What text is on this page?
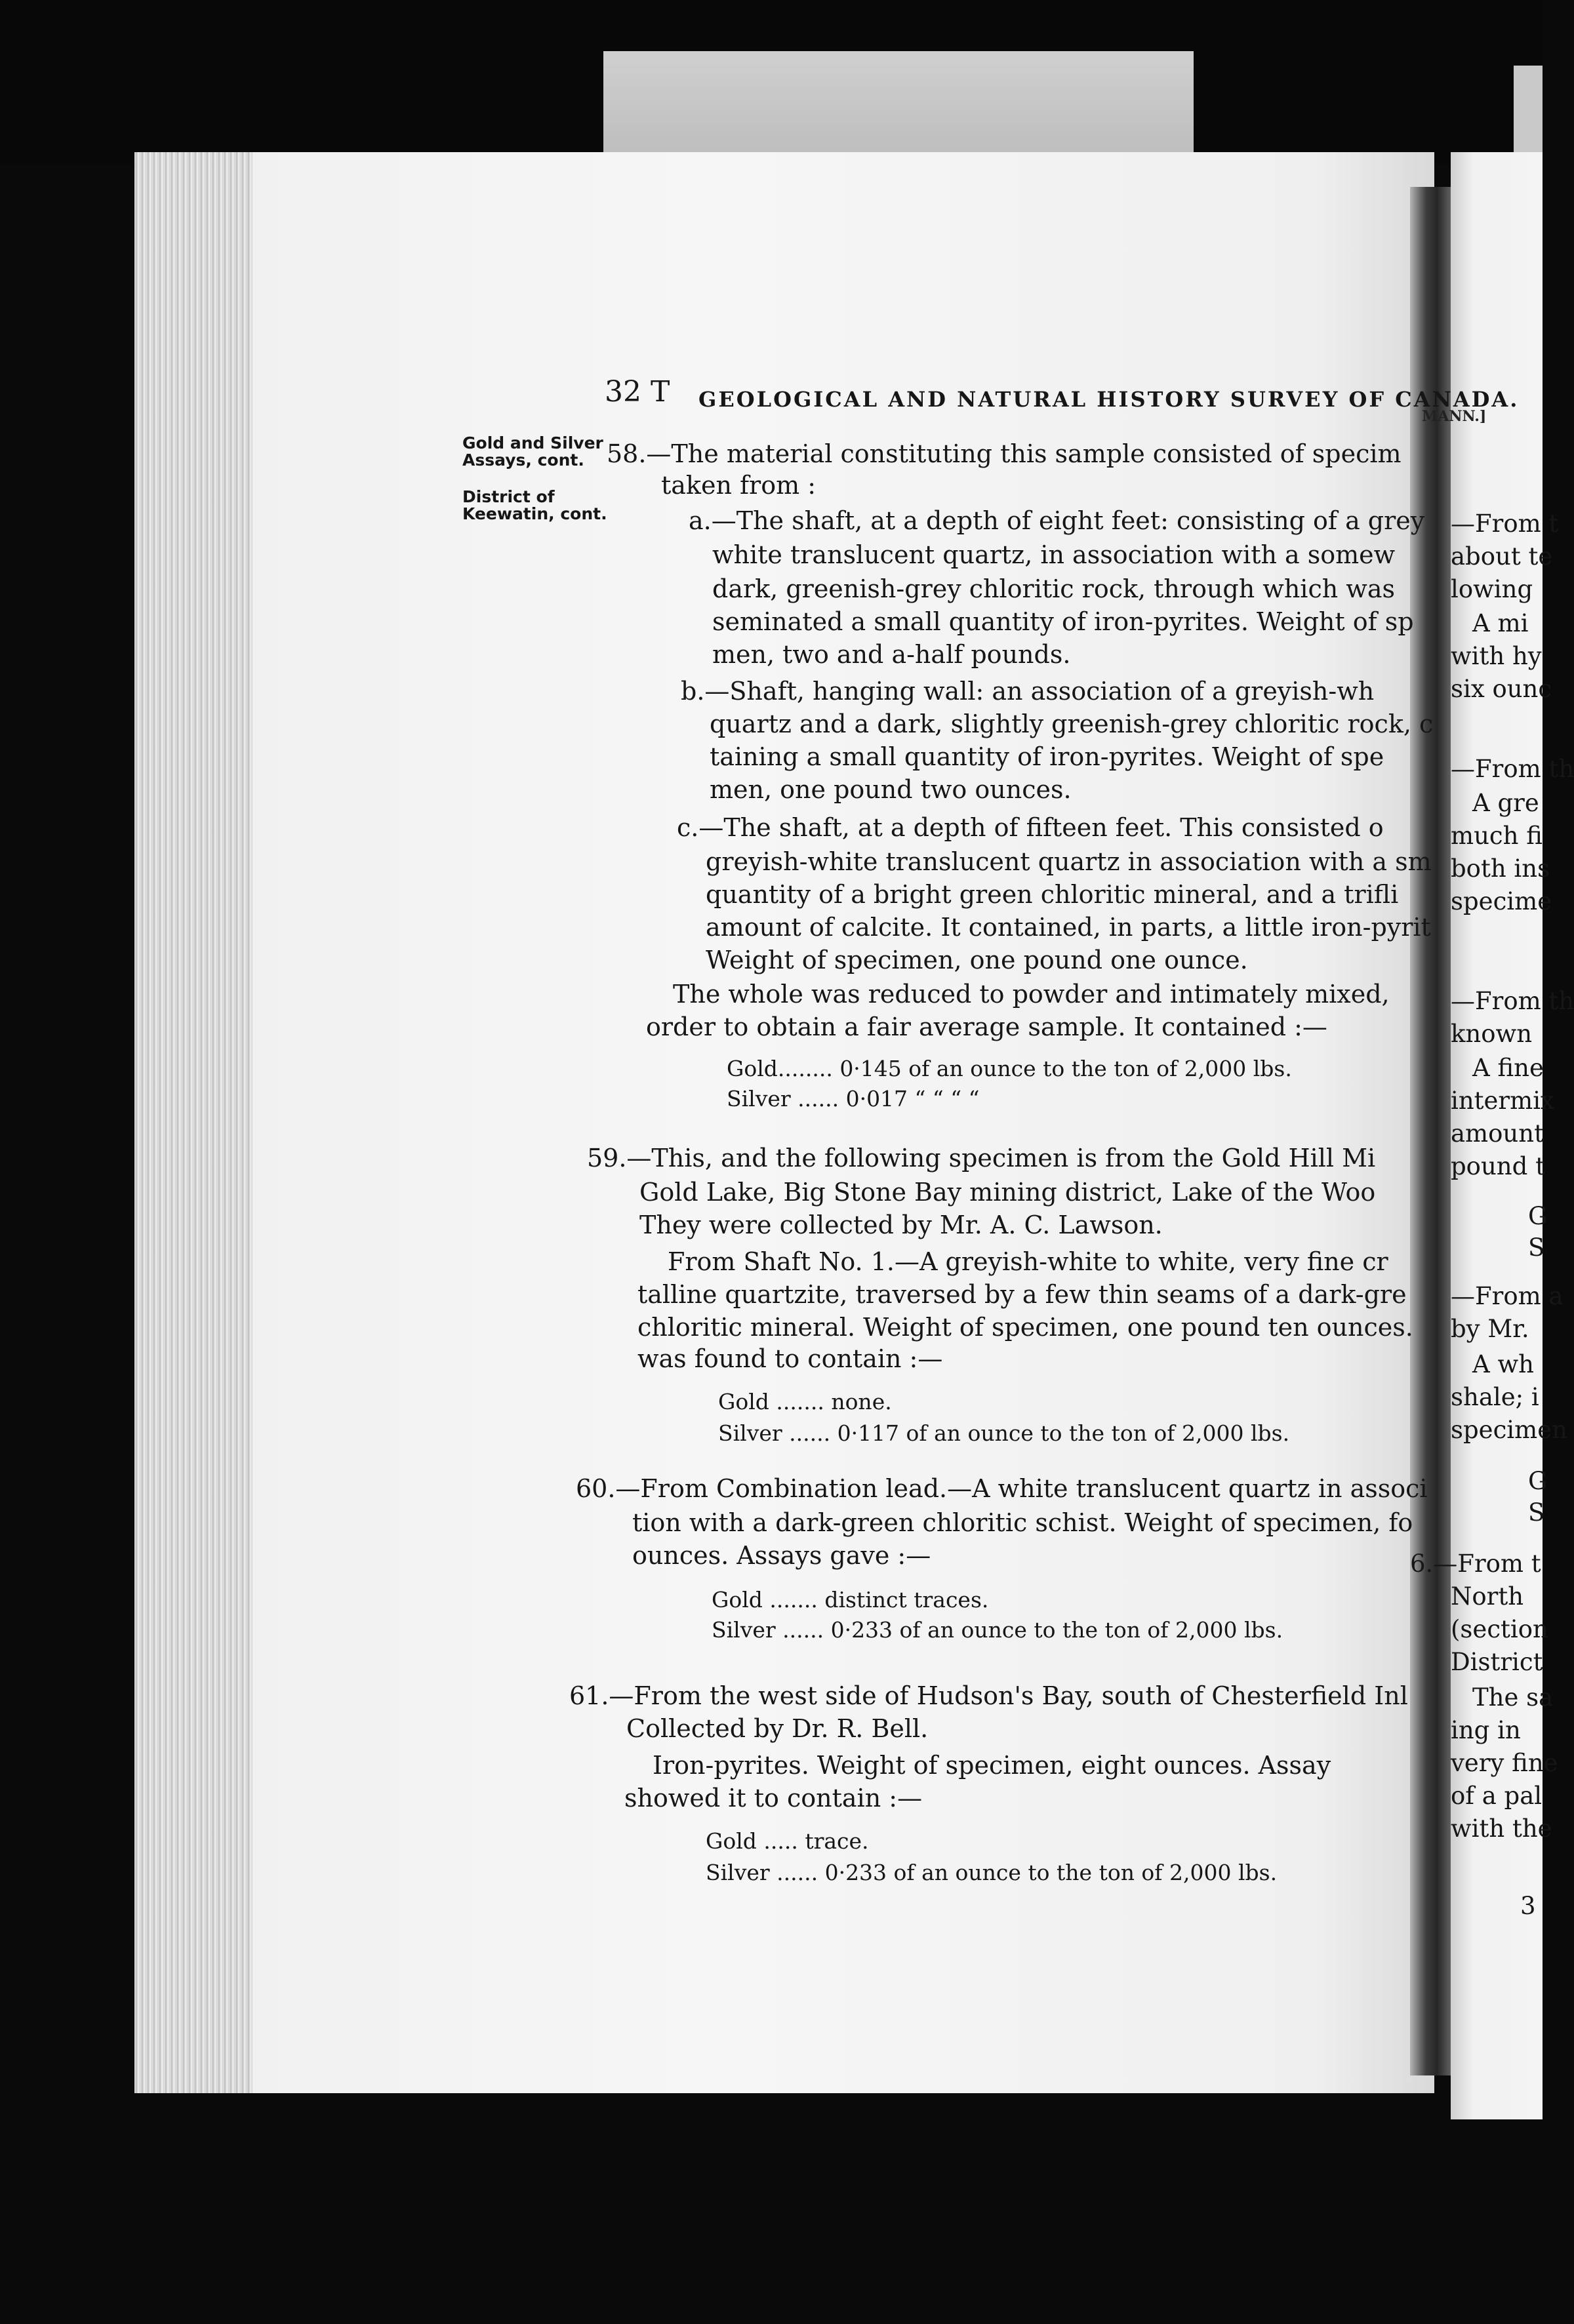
32 T GEOLOGICAL AND NATURAL HISTORY SURVEY OF CANADA.
MANN.]
Gold and Silver
Assays, cont.
District of
Keewatin, cont.
58.—The material constituting this sample consisted of specim
taken from :
a.—The shaft, at a depth of eight feet: consisting of a grey
white translucent quartz, in association with a somew
dark, greenish-grey chloritic rock, through which was
seminated a small quantity of iron-pyrites. Weight of sp
men, two and a-half pounds.
b.—Shaft, hanging wall: an association of a greyish-wh
quartz and a dark, slightly greenish-grey chloritic rock, c
taining a small quantity of iron-pyrites. Weight of spe
men, one pound two ounces.
c.—The shaft, at a depth of fifteen feet. This consisted o
greyish-white translucent quartz in association with a sm
quantity of a bright green chloritic mineral, and a trifli
amount of calcite. It contained, in parts, a little iron-pyrit
Weight of specimen, one pound one ounce.
The whole was reduced to powder and intimately mixed,
order to obtain a fair average sample. It contained :—
Gold........ 0·145 of an ounce to the ton of 2,000 lbs.
Silver ...... 0·017 “ “ “ “
59.—This, and the following specimen is from the Gold Hill Mi
Gold Lake, Big Stone Bay mining district, Lake of the Woo
They were collected by Mr. A. C. Lawson.
From Shaft No. 1.—A greyish-white to white, very fine cr
talline quartzite, traversed by a few thin seams of a dark-gre
chloritic mineral. Weight of specimen, one pound ten ounces.
was found to contain :—
Gold ....... none.
Silver ...... 0·117 of an ounce to the ton of 2,000 lbs.
60.—From Combination lead.—A white translucent quartz in associ
tion with a dark-green chloritic schist. Weight of specimen, fo
ounces. Assays gave :—
Gold ....... distinct traces.
Silver ...... 0·233 of an ounce to the ton of 2,000 lbs.
61.—From the west side of Hudson's Bay, south of Chesterfield Inl
Collected by Dr. R. Bell.
Iron-pyrites. Weight of specimen, eight ounces. Assay
showed it to contain :—
Gold ..... trace.
Silver ...... 0·233 of an ounce to the ton of 2,000 lbs.
—From t
about te
lowing
A mi
with hy
six ounc
—From th
A gre
much fi
both ins
specime
—From th
known
A fine
intermix
amount
pound t
G
S
—From a
by Mr.
A wh
shale; i
specimen
G
S
6.—From t
North
(section
District
The sa
ing in
very fine
of a pal
with the
3
